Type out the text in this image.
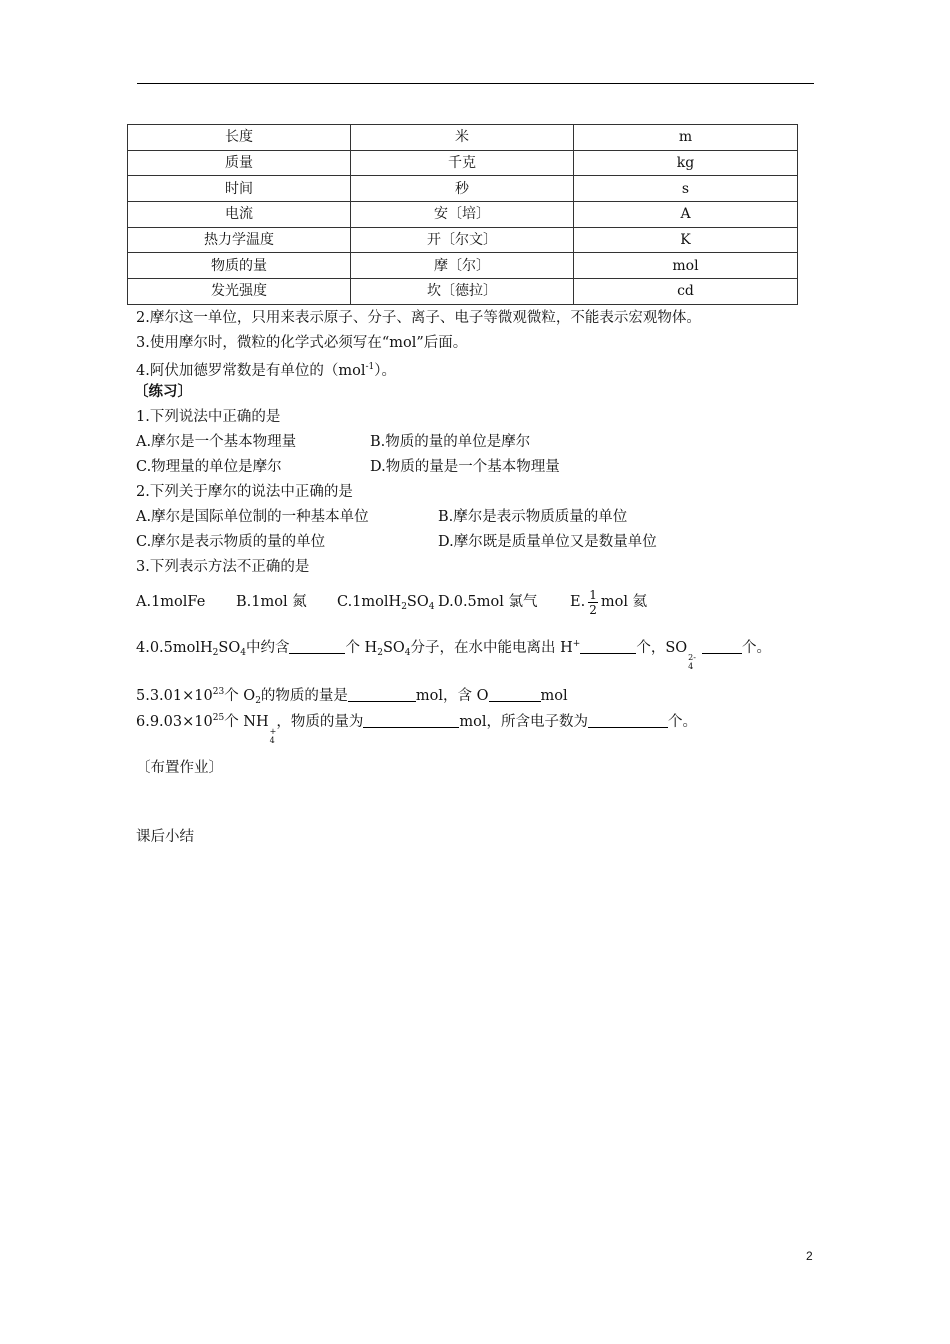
长度	米	m
质量	千克	kg
时间	秒	s
电流	安〔培〕	A
热力学温度	开〔尔文〕	K
物质的量	摩〔尔〕	mol
发光强度	坎〔德拉〕	cd
2.摩尔这一单位，只用来表示原子、分子、离子、电子等微观微粒，不能表示宏观物体。
3.使用摩尔时，微粒的化学式必须写在“mol”后面。
4.阿伏加德罗常数是有单位的（mol$^{-1}$）。
〔练习〕
1.下列说法中正确的是
A.摩尔是一个基本物理量	B.物质的量的单位是摩尔
C.物理量的单位是摩尔	D.物质的量是一个基本物理量
2.下列关于摩尔的说法中正确的是
A.摩尔是国际单位制的一种基本单位	B.摩尔是表示物质质量的单位
C.摩尔是表示物质的量的单位	D.摩尔既是质量单位又是数量单位
3.下列表示方法不正确的是
A.1molFe B.1mol 氮 $C.1molH_2SO_4$ D.0.5mol 氯气 E. $\frac{1}{2}$ mol 氦
$4.0.5molH_2SO_4$中约含	个 $H_2SO_4$分子，在水中能电离出 H+	个，SO
2-
4
个。
$5.3.01\times 10^{23}$个 $O_2$的物质的量是	mol，含 O	mol
$6.9.03\times 10^{25}$个 NH
+
4
，物质的量为	mol，所含电子数为	个。
〔布置作业〕
课后小结
2
